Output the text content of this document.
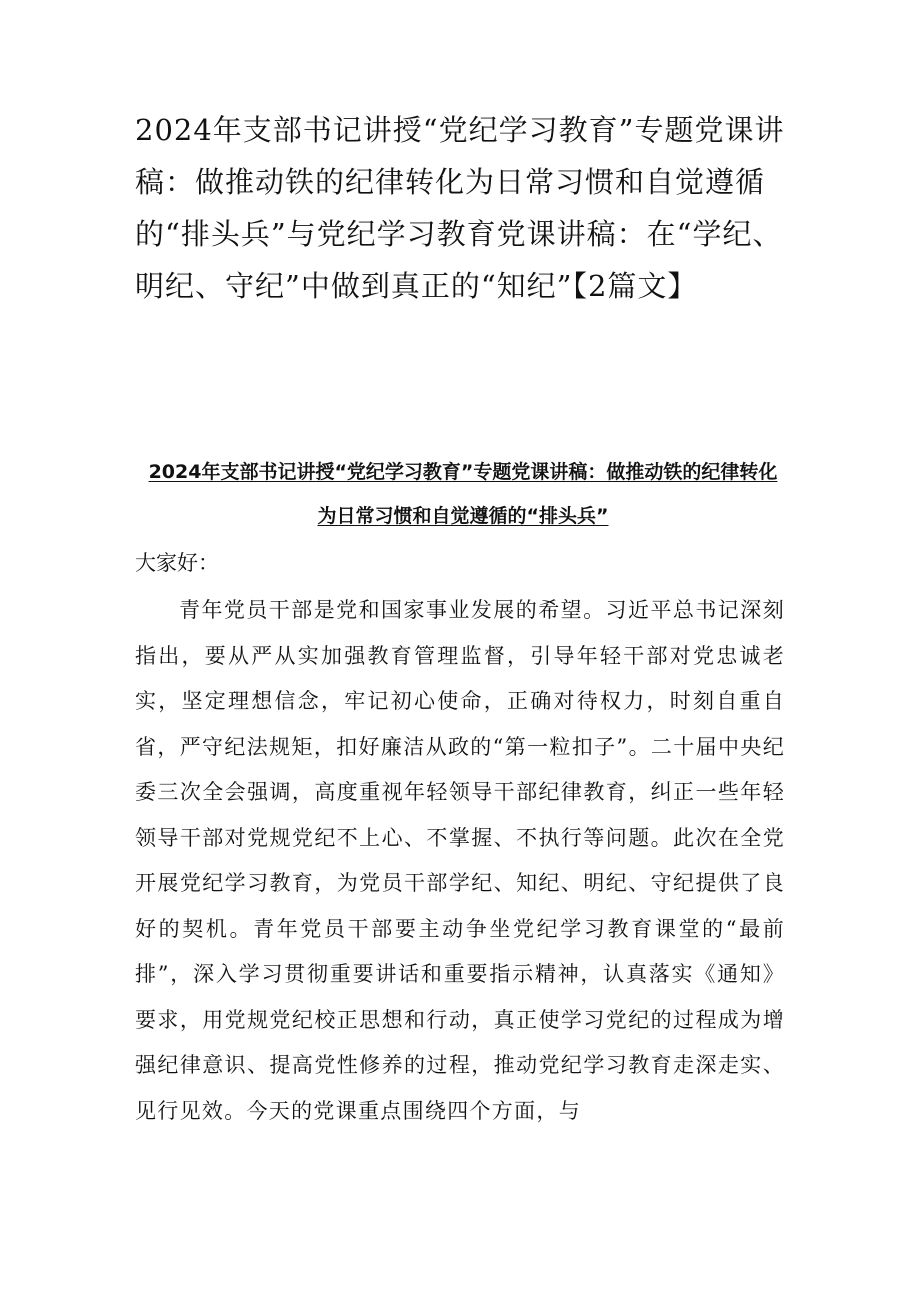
2024年支部书记讲授“党纪学习教育”专题党课讲稿：做推动铁的纪律转化为日常习惯和自觉遵循的“排头兵”与党纪学习教育党课讲稿：在“学纪、明纪、守纪”中做到真正的“知纪”【2篇文】
2024年支部书记讲授“党纪学习教育”专题党课讲稿：做推动铁的纪律转化
为日常习惯和自觉遵循的“排头兵”

大家好：

青年党员干部是党和国家事业发展的希望。习近平总书记深刻指出，要从严从实加强教育管理监督，引导年轻干部对党忠诚老实，坚定理想信念，牢记初心使命，正确对待权力，时刻自重自省，严守纪法规矩，扣好廉洁从政的“第一粒扣子”。二十届中央纪委三次全会强调，高度重视年轻领导干部纪律教育，纠正一些年轻领导干部对党规党纪不上心、不掌握、不执行等问题。此次在全党开展党纪学习教育，为党员干部学纪、知纪、明纪、守纪提供了良好的契机。青年党员干部要主动争坐党纪学习教育课堂的“最前排”，深入学习贯彻重要讲话和重要指示精神，认真落实《通知》要求，用党规党纪校正思想和行动，真正使学习党纪的过程成为增强纪律意识、提高党性修养的过程，推动党纪学习教育走深走实、见行见效。今天的党课重点围绕四个方面，与
